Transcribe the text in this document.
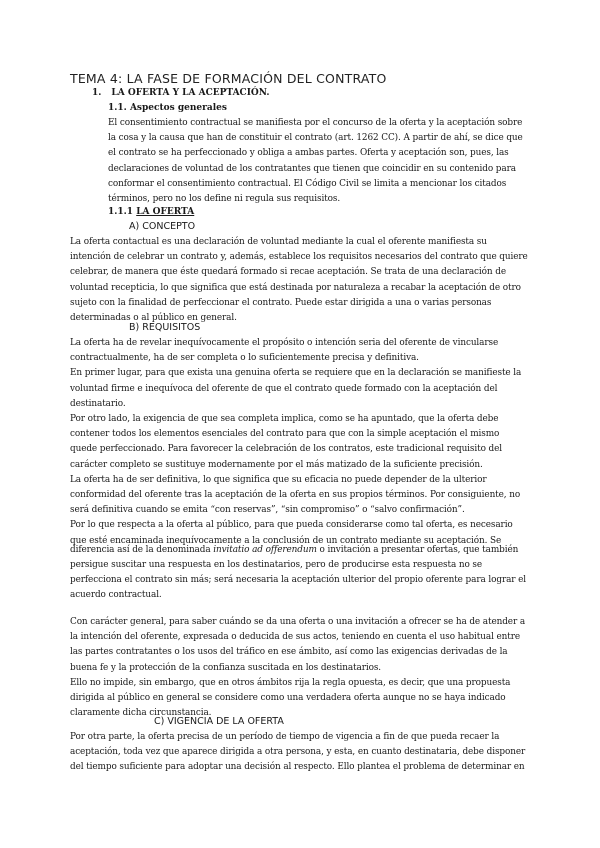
TEMA 4: LA FASE DE FORMACIÓN DEL CONTRATO
1. LA OFERTA Y LA ACEPTACIÓN.
1.1. Aspectos generales
El consentimiento contractual se manifiesta por el concurso de la oferta y la aceptación sobre
la cosa y la causa que han de constituir el contrato (art. 1262 CC). A partir de ahí, se dice que
el contrato se ha perfeccionado y obliga a ambas partes. Oferta y aceptación son, pues, las
declaraciones de voluntad de los contratantes que tienen que coincidir en su contenido para
conformar el consentimiento contractual. El Código Civil se limita a mencionar los citados
términos, pero no los define ni regula sus requisitos.
1.1.1 LA OFERTA
A) CONCEPTO
La oferta contactual es una declaración de voluntad mediante la cual el oferente manifiesta su
intención de celebrar un contrato y, además, establece los requisitos necesarios del contrato que quiere
celebrar, de manera que éste quedará formado si recae aceptación. Se trata de una declaración de
voluntad recepticia, lo que significa que está destinada por naturaleza a recabar la aceptación de otro
sujeto con la finalidad de perfeccionar el contrato. Puede estar dirigida a una o varias personas
determinadas o al público en general.
B) REQUISITOS
La oferta ha de revelar inequívocamente el propósito o intención seria del oferente de vincularse
contractualmente, ha de ser completa o lo suficientemente precisa y definitiva.
En primer lugar, para que exista una genuina oferta se requiere que en la declaración se manifieste la
voluntad firme e inequívoca del oferente de que el contrato quede formado con la aceptación del
destinatario.
Por otro lado, la exigencia de que sea completa implica, como se ha apuntado, que la oferta debe
contener todos los elementos esenciales del contrato para que con la simple aceptación el mismo
quede perfeccionado. Para favorecer la celebración de los contratos, este tradicional requisito del
carácter completo se sustituye modernamente por el más matizado de la suficiente precisión.
La oferta ha de ser definitiva, lo que significa que su eficacia no puede depender de la ulterior
conformidad del oferente tras la aceptación de la oferta en sus propios términos. Por consiguiente, no
será definitiva cuando se emita “con reservas”, “sin compromiso” o “salvo confirmación”.
Por lo que respecta a la oferta al público, para que pueda considerarse como tal oferta, es necesario
que esté encaminada inequívocamente a la conclusión de un contrato mediante su aceptación. Se
diferencia así de la denominada invitatio ad offerendum o invitación a presentar ofertas, que también
persigue suscitar una respuesta en los destinatarios, pero de producirse esta respuesta no se
perfecciona el contrato sin más; será necesaria la aceptación ulterior del propio oferente para lograr el
acuerdo contractual.
Con carácter general, para saber cuándo se da una oferta o una invitación a ofrecer se ha de atender a
la intención del oferente, expresada o deducida de sus actos, teniendo en cuenta el uso habitual entre
las partes contratantes o los usos del tráfico en ese ámbito, así como las exigencias derivadas de la
buena fe y la protección de la confianza suscitada en los destinatarios.
Ello no impide, sin embargo, que en otros ámbitos rija la regla opuesta, es decir, que una propuesta
dirigida al público en general se considere como una verdadera oferta aunque no se haya indicado
claramente dicha circunstancia.
C) VIGENCIA DE LA OFERTA
Por otra parte, la oferta precisa de un período de tiempo de vigencia a fin de que pueda recaer la
aceptación, toda vez que aparece dirigida a otra persona, y esta, en cuanto destinataria, debe disponer
del tiempo suficiente para adoptar una decisión al respecto. Ello plantea el problema de determinar en
